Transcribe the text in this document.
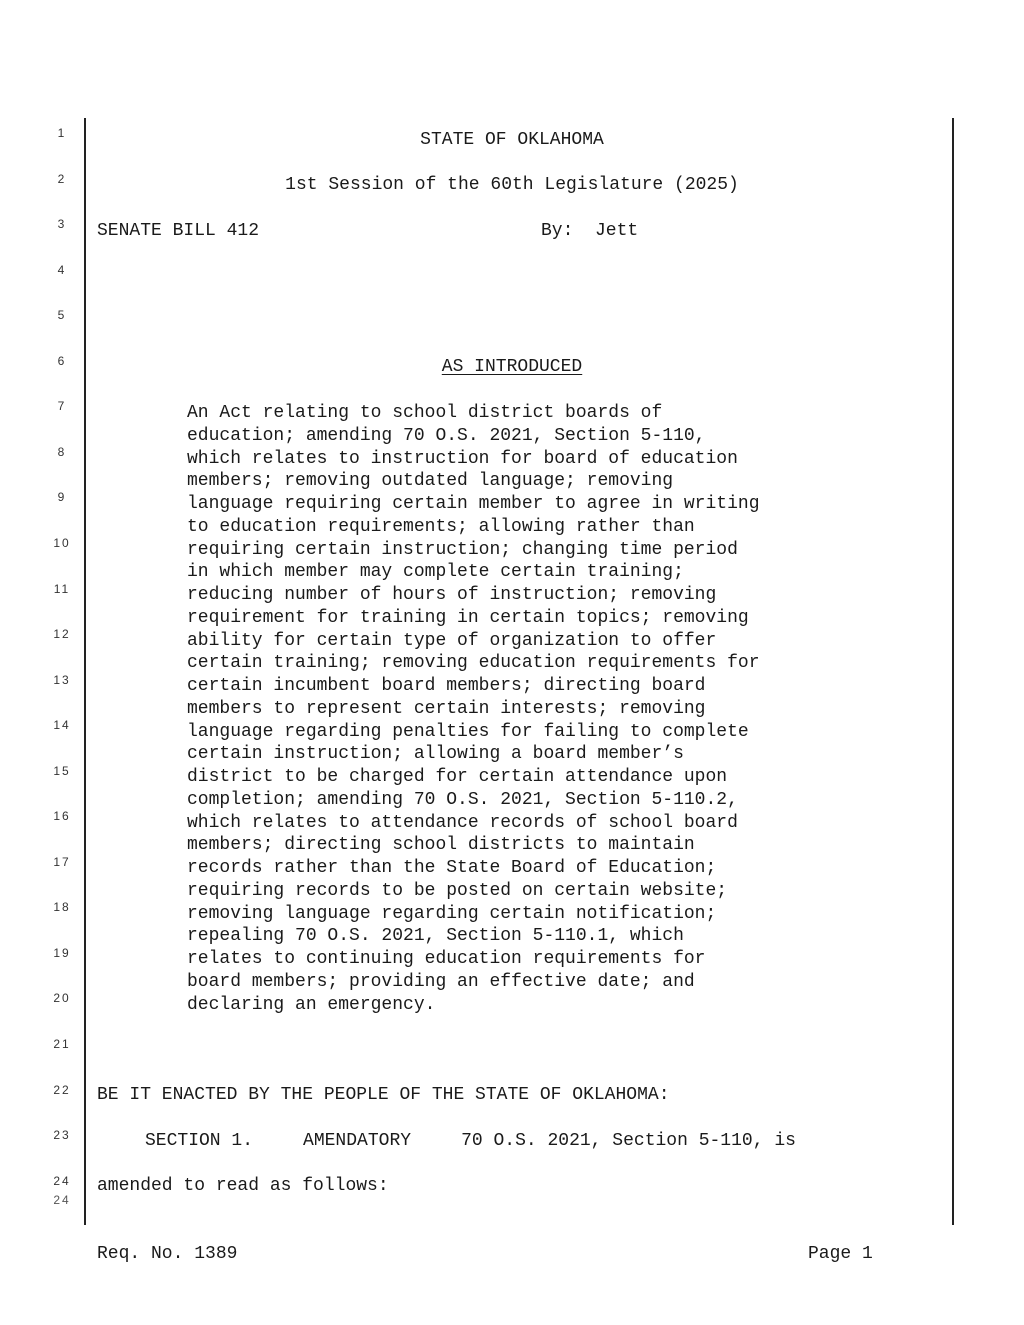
1
2
3
4
5
6
7
8
9
10
11
12
13
14
15
16
17
18
19
20
21
22
23
24
24
STATE OF OKLAHOMA
1st Session of the 60th Legislature (2025)
SENATE BILL 412	By:  Jett
AS INTRODUCED
An Act relating to school district boards of
education; amending 70 O.S. 2021, Section 5-110,
which relates to instruction for board of education
members; removing outdated language; removing
language requiring certain member to agree in writing
to education requirements; allowing rather than
requiring certain instruction; changing time period
in which member may complete certain training;
reducing number of hours of instruction; removing
requirement for training in certain topics; removing
ability for certain type of organization to offer
certain training; removing education requirements for
certain incumbent board members; directing board
members to represent certain interests; removing
language regarding penalties for failing to complete
certain instruction; allowing a board member’s
district to be charged for certain attendance upon
completion; amending 70 O.S. 2021, Section 5-110.2,
which relates to attendance records of school board
members; directing school districts to maintain
records rather than the State Board of Education;
requiring records to be posted on certain website;
removing language regarding certain notification;
repealing 70 O.S. 2021, Section 5-110.1, which
relates to continuing education requirements for
board members; providing an effective date; and
declaring an emergency.
BE IT ENACTED BY THE PEOPLE OF THE STATE OF OKLAHOMA:
SECTION 1.	AMENDATORY	70 O.S. 2021, Section 5-110, is
amended to read as follows:
Req. No. 1389	Page 1
